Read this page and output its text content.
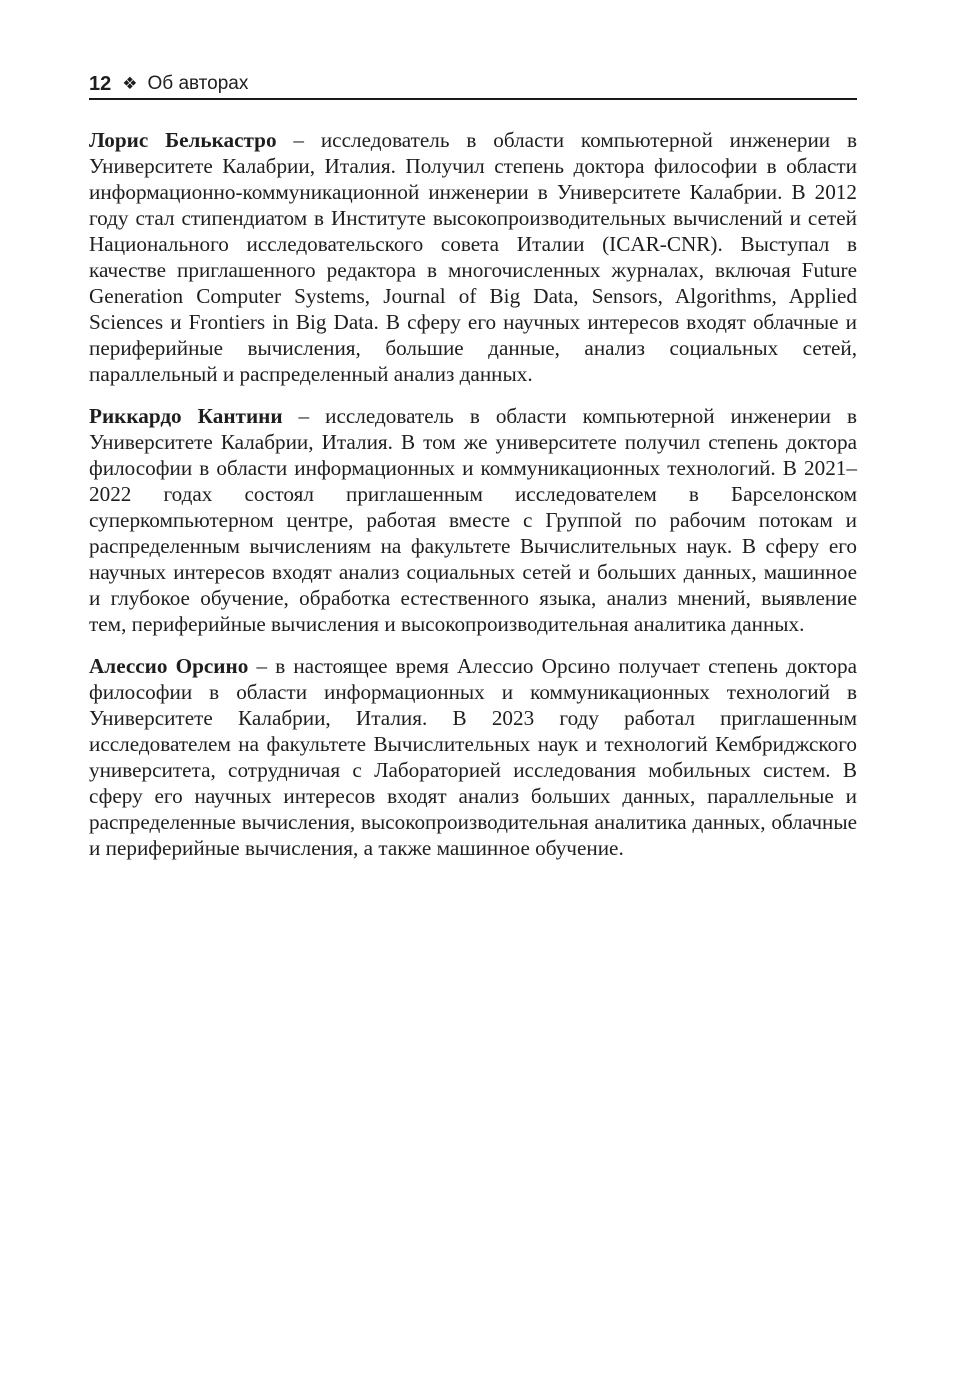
12 ❖ Об авторах

Лорис Белькастро – исследователь в области компьютерной инженерии в Университете Калабрии, Италия. Получил степень доктора философии в области информационно-коммуникационной инженерии в Университете Калабрии. В 2012 году стал стипендиатом в Институте высокопроизводительных вычислений и сетей Национального исследовательского совета Италии (ICAR-CNR). Выступал в качестве приглашенного редактора в многочисленных журналах, включая Future Generation Computer Systems, Journal of Big Data, Sensors, Algorithms, Applied Sciences и Frontiers in Big Data. В сферу его научных интересов входят облачные и периферийные вычисления, большие данные, анализ социальных сетей, параллельный и распределенный анализ данных.

Риккардо Кантини – исследователь в области компьютерной инженерии в Университете Калабрии, Италия. В том же университете получил степень доктора философии в области информационных и коммуникационных технологий. В 2021–2022 годах состоял приглашенным исследователем в Барселонском суперкомпьютерном центре, работая вместе с Группой по рабочим потокам и распределенным вычислениям на факультете Вычислительных наук. В сферу его научных интересов входят анализ социальных сетей и больших данных, машинное и глубокое обучение, обработка естественного языка, анализ мнений, выявление тем, периферийные вычисления и высокопроизводительная аналитика данных.

Алессио Орсино – в настоящее время Алессио Орсино получает степень доктора философии в области информационных и коммуникационных технологий в Университете Калабрии, Италия. В 2023 году работал приглашенным исследователем на факультете Вычислительных наук и технологий Кембриджского университета, сотрудничая с Лабораторией исследования мобильных систем. В сферу его научных интересов входят анализ больших данных, параллельные и распределенные вычисления, высокопроизводительная аналитика данных, облачные и периферийные вычисления, а также машинное обучение.
